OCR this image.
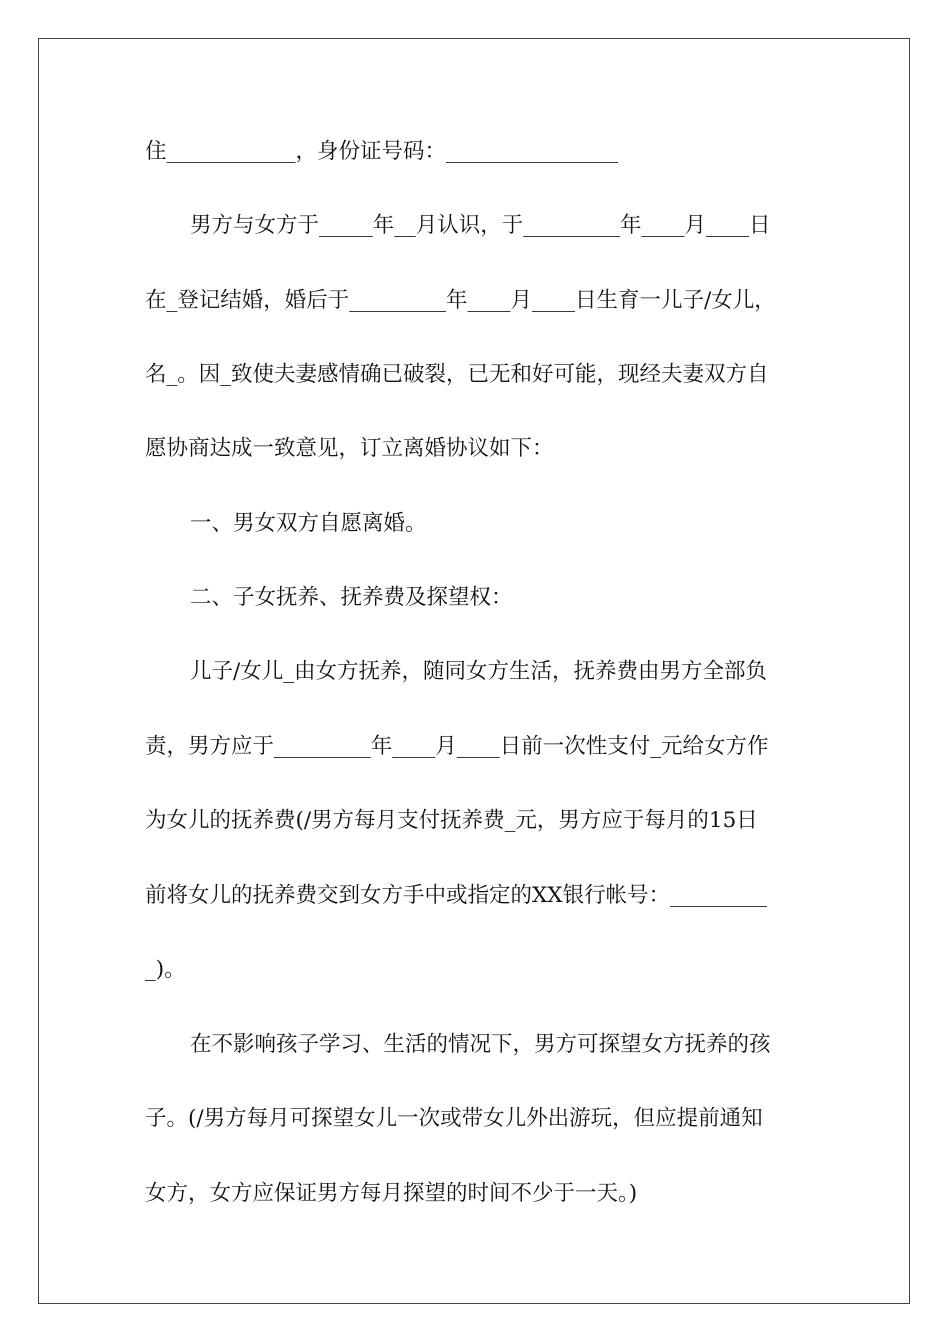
住____________，身份证号码：________________
男方与女方于_____年__月认识，于_________年____月____日
在_登记结婚，婚后于_________年____月____日生育一儿子/女儿，
名_。因_致使夫妻感情确已破裂，已无和好可能，现经夫妻双方自
愿协商达成一致意见，订立离婚协议如下：
一、男女双方自愿离婚。
二、子女抚养、抚养费及探望权：
儿子/女儿_由女方抚养，随同女方生活，抚养费由男方全部负
责，男方应于_________年____月____日前一次性支付_元给女方作
为女儿的抚养费(/男方每月支付抚养费_元，男方应于每月的15日
前将女儿的抚养费交到女方手中或指定的XX银行帐号：_________
_)。
在不影响孩子学习、生活的情况下，男方可探望女方抚养的孩
子。(/男方每月可探望女儿一次或带女儿外出游玩，但应提前通知
女方，女方应保证男方每月探望的时间不少于一天。)
